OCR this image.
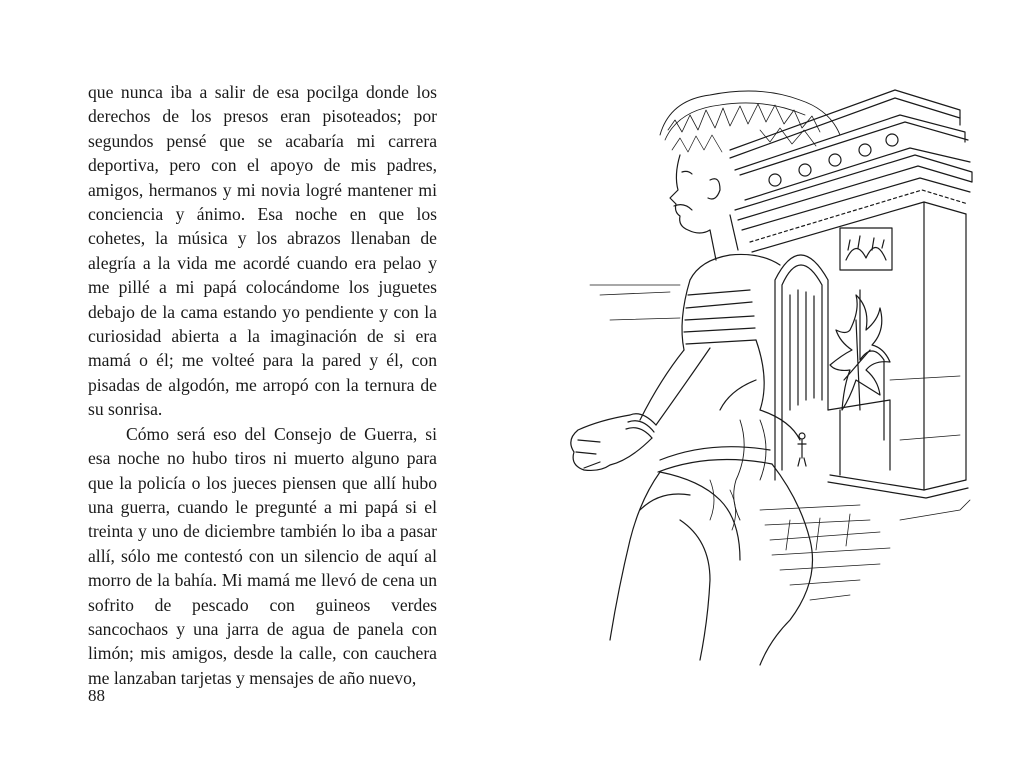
que nunca iba a salir de esa pocilga donde los derechos de los presos eran pisoteados; por segundos pensé que se acabaría mi carrera deportiva, pero con el apoyo de mis padres, amigos, hermanos y mi novia logré mantener mi conciencia y ánimo. Esa noche en que los cohetes, la música y los abrazos llenaban de alegría a la vida me acordé cuando era pelao y me pillé a mi papá colocándome los juguetes debajo de la cama estando yo pendiente y con la curiosidad abierta a la imaginación de si era mamá o él; me volteé para la pared y él, con pisadas de algodón, me arropó con la ternura de su sonrisa.

Cómo será eso del Consejo de Guerra, si esa noche no hubo tiros ni muerto alguno para que la policía o los jueces piensen que allí hubo una guerra, cuando le pregunté a mi papá si el treinta y uno de diciembre también lo iba a pasar allí, sólo me contestó con un silencio de aquí al morro de la bahía. Mi mamá me llevó de cena un sofrito de pescado con guineos verdes sancochaos y una jarra de agua de panela con limón; mis amigos, desde la calle, con cauchera me lanzaban tarjetas y mensajes de año nuevo,

88
